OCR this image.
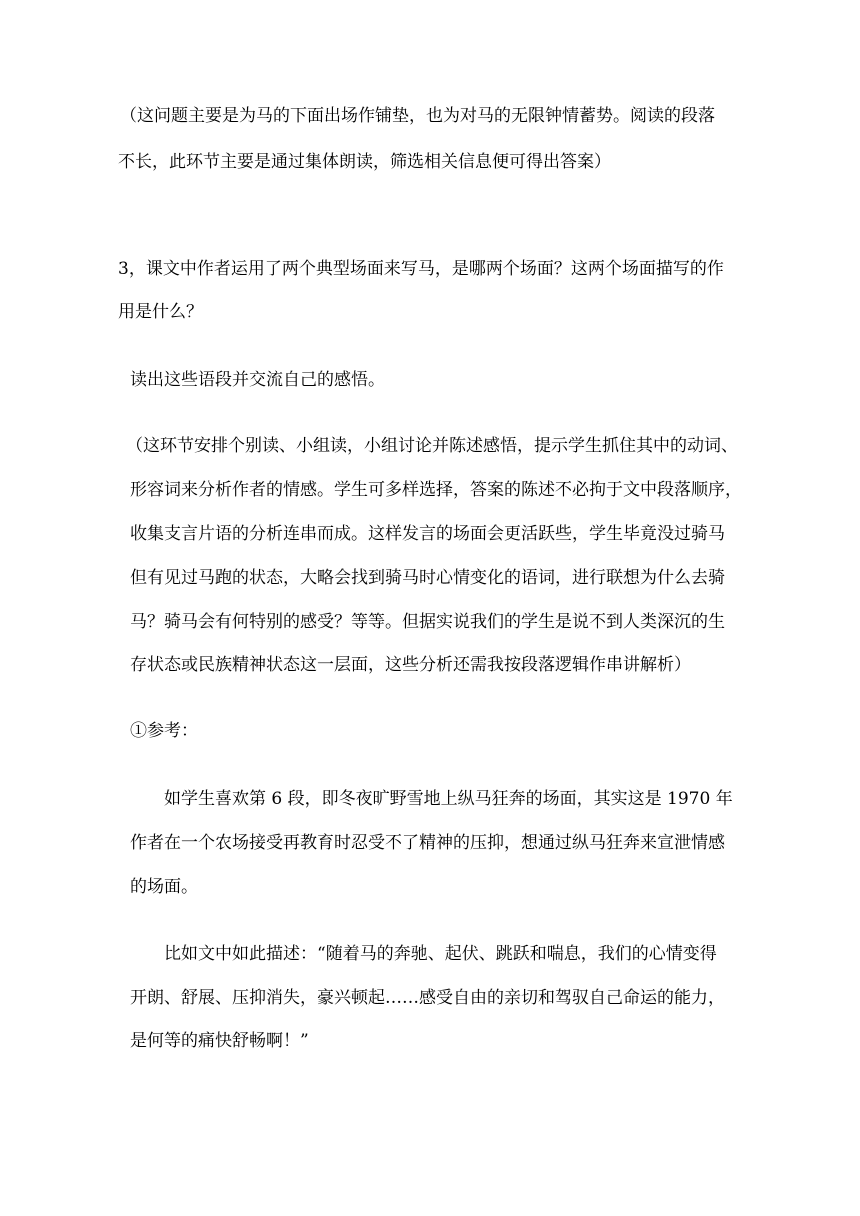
（这问题主要是为马的下面出场作铺垫，也为对马的无限钟情蓄势。阅读的段落
不长，此环节主要是通过集体朗读，筛选相关信息便可得出答案）
3，课文中作者运用了两个典型场面来写马，是哪两个场面？这两个场面描写的作
用是什么？
读出这些语段并交流自己的感悟。
（这环节安排个别读、小组读，小组讨论并陈述感悟，提示学生抓住其中的动词、
形容词来分析作者的情感。学生可多样选择，答案的陈述不必拘于文中段落顺序，
收集支言片语的分析连串而成。这样发言的场面会更活跃些，学生毕竟没过骑马
但有见过马跑的状态，大略会找到骑马时心情变化的语词，进行联想为什么去骑
马？骑马会有何特别的感受？等等。但据实说我们的学生是说不到人类深沉的生
存状态或民族精神状态这一层面，这些分析还需我按段落逻辑作串讲解析）
①参考：
如学生喜欢第 6 段，即冬夜旷野雪地上纵马狂奔的场面，其实这是 1970 年
作者在一个农场接受再教育时忍受不了精神的压抑，想通过纵马狂奔来宣泄情感
的场面。
比如文中如此描述：“随着马的奔驰、起伏、跳跃和喘息，我们的心情变得
开朗、舒展、压抑消失，豪兴顿起……感受自由的亲切和驾驭自己命运的能力，
是何等的痛快舒畅啊！”
